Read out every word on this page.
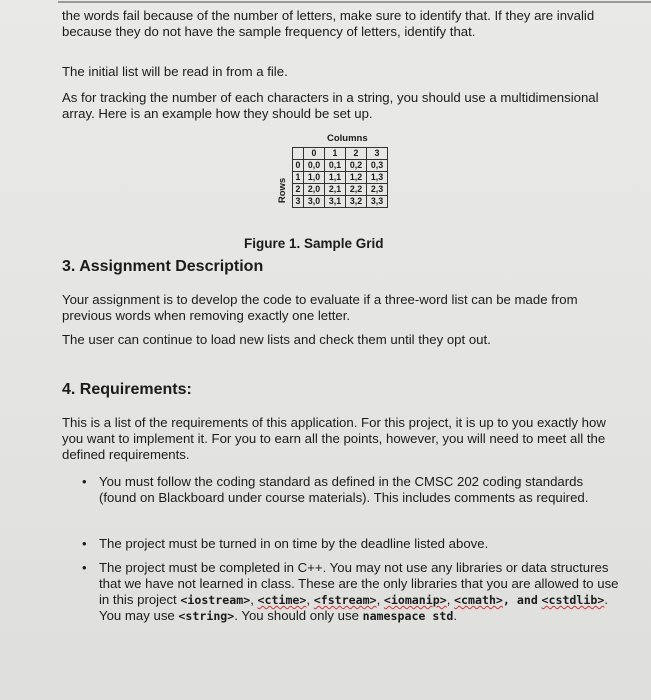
the words fail because of the number of letters, make sure to identify that. If they are invalid because they do not have the sample frequency of letters, identify that.

The initial list will be read in from a file.

As for tracking the number of each characters in a string, you should use a multidimensional array. Here is an example how they should be set up.

Columns
Rows
	0	1	2	3
0	0,0	0,1	0,2	0,3
1	1,0	1,1	1,2	1,3
2	2,0	2,1	2,2	2,3
3	3,0	3,1	3,2	3,3
Figure 1. Sample Grid
3. Assignment Description

Your assignment is to develop the code to evaluate if a three-word list can be made from previous words when removing exactly one letter.

The user can continue to load new lists and check them until they opt out.

4. Requirements:

This is a list of the requirements of this application. For this project, it is up to you exactly how you want to implement it. For you to earn all the points, however, you will need to meet all the defined requirements.

• You must follow the coding standard as defined in the CMSC 202 coding standards (found on Blackboard under course materials). This includes comments as required.
• The project must be turned in on time by the deadline listed above.
• The project must be completed in C++. You may not use any libraries or data structures that we have not learned in class. These are the only libraries that you are allowed to use in this project <iostream>, <ctime>, <fstream>, <iomanip>, <cmath>, and <cstdlib>. You may use <string>. You should only use namespace std.
